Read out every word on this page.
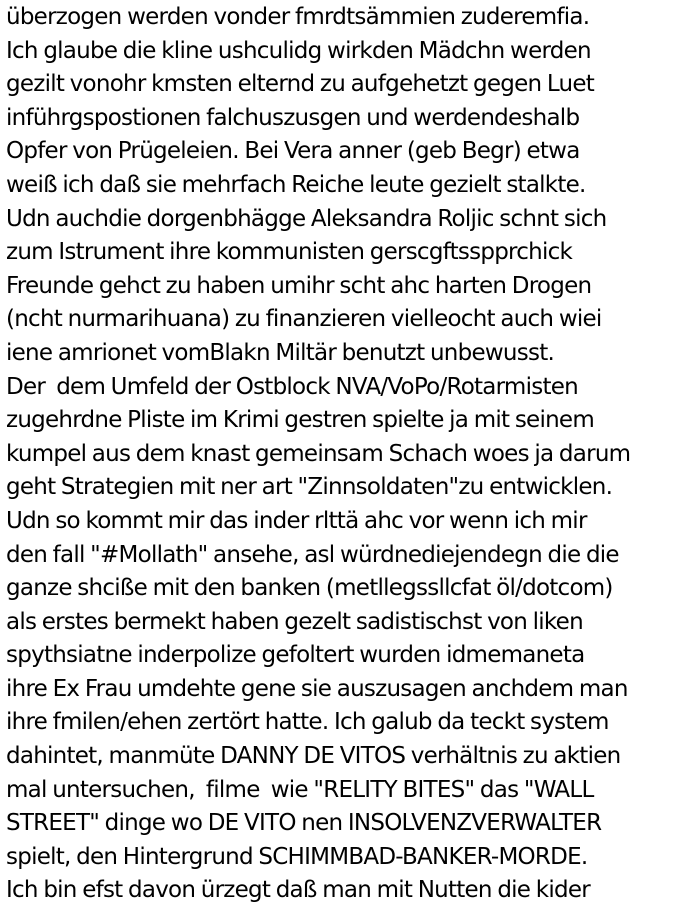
überzogen werden vonder fmrdtsämmien zuderemfia.
Ich glaube die kline ushculidg wirkden Mädchn werden
gezilt vonohr kmsten elternd zu aufgehetzt gegen Luet
infüh​rgspostionen falchuszusgen und werdendeshalb
Opfer von Prügeleien. Bei Vera anner (geb Begr) etwa
weiß ich daß sie mehrfach Reiche leute gezielt stalkte.
Udn auchdie dorgenbhägge Aleksandra Roljic schnt sich
zum Istrument ihre kommunisten gerscgftsspprchick
Freunde gehct zu haben umihr scht ahc harten Drogen
(ncht nurmarihuana) zu finanzieren vielleocht auch wiei
iene amrionet vomBlakn Miltär benutzt unbewusst.
Der  dem Umfeld der Ostblock NVA/VoPo/Rotarmisten
zugehrdne Pliste im Krimi gestren spielte ja mit seinem
kumpel aus dem knast gemeinsam Schach woes ja darum
geht Strategien mit ner art "Zinnsoldaten"zu entwicklen.
Udn so kommt mir das inder rlttä ahc vor wenn ich mir
den fall "#Mollath" ansehe, asl würdnediejendegn die die
ganze shciße mit den banken (metllegssllcfat öl/dotcom)
als erstes bermekt haben gezelt sadistischst von liken
spythsiatne inderpolize gefoltert wurden idmemaneta
ihre Ex Frau umdehte gene sie auszusagen anchdem man
ihre fmilen/ehen zertört hatte. Ich galub da teckt system
dahintet, manmüte DANNY DE VITOS verhältnis zu aktien
mal untersuchen,  filme  wie "RELITY BITES" das "WALL
STREET" dinge wo DE VITO nen INSOLVENZVERWALTER
spielt, den Hintergrund SCHIMMBAD-BANKER-MORDE.
Ich bin efst davon ürzegt daß man mit Nutten die kider
